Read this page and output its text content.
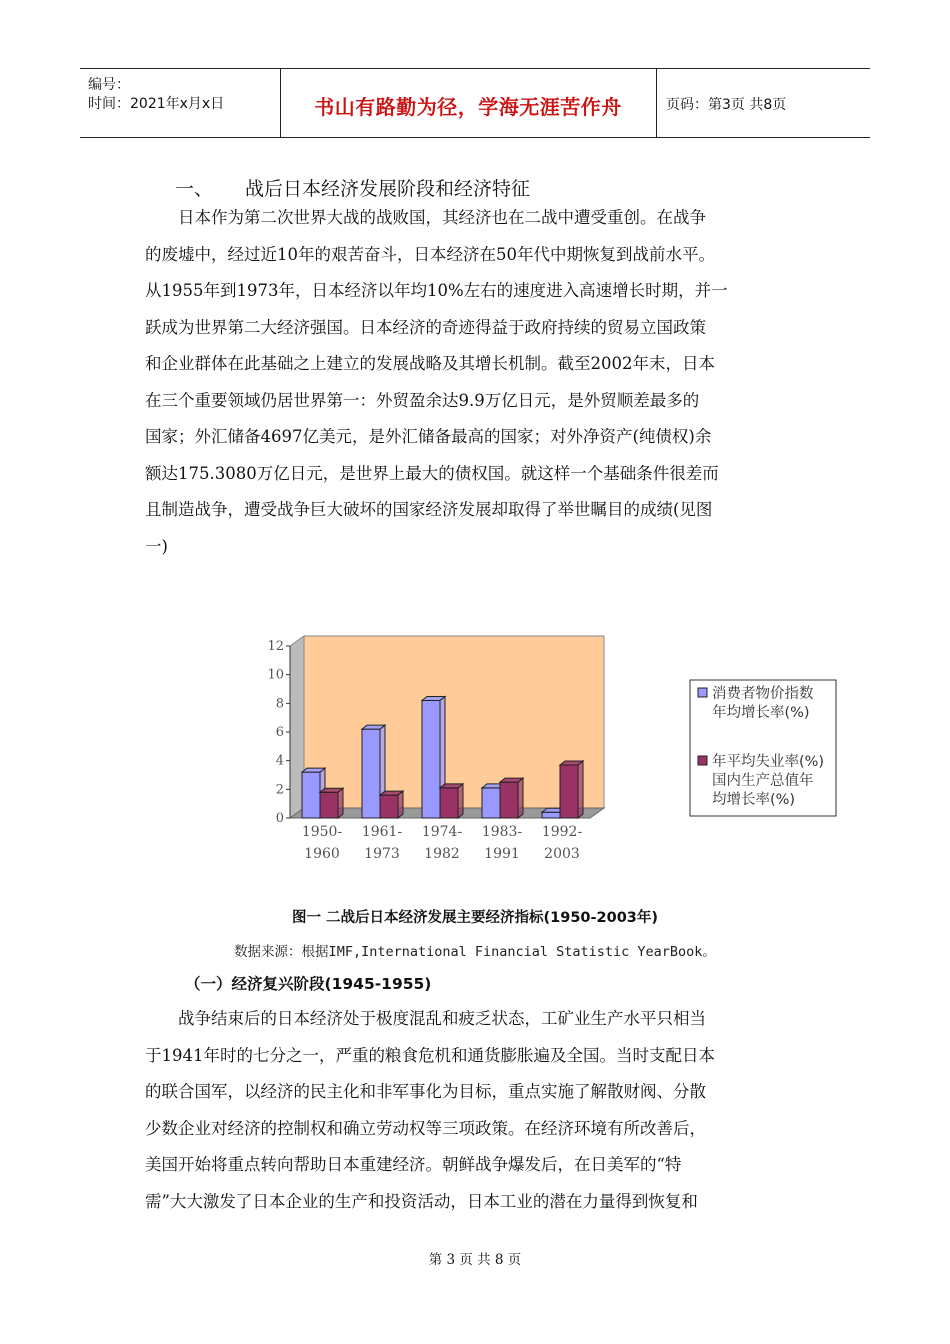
编号：
时间：2021年x月x日	书山有路勤为径，学海无涯苦作舟	页码：第3页 共8页
一、 战后日本经济发展阶段和经济特征
日本作为第二次世界大战的战败国，其经济也在二战中遭受重创。在战争
的废墟中，经过近10年的艰苦奋斗，日本经济在50年代中期恢复到战前水平。
从1955年到1973年，日本经济以年均10%左右的速度进入高速增长时期，并一
跃成为世界第二大经济强国。日本经济的奇迹得益于政府持续的贸易立国政策
和企业群体在此基础之上建立的发展战略及其增长机制。截至2002年末，日本
在三个重要领域仍居世界第一：外贸盈余达9.9万亿日元，是外贸顺差最多的
国家；外汇储备4697亿美元，是外汇储备最高的国家；对外净资产(纯债权)余
额达175.3080万亿日元，是世界上最大的债权国。就这样一个基础条件很差而
且制造战争，遭受战争巨大破坏的国家经济发展却取得了举世瞩目的成绩(见图
一)
0
2
4
6
8
10
12
1950-
1960
1961-
1973
1974-
1982
1983-
1991
1992-
2003
消费者物价指数
年均增长率(%)
年平均失业率(%)
国内生产总值年
均增长率(%)
图一 二战后日本经济发展主要经济指标(1950-2003年)
数据来源：根据IMF,International Financial Statistic YearBook。
（一）经济复兴阶段(1945-1955)
战争结束后的日本经济处于极度混乱和疲乏状态，工矿业生产水平只相当
于1941年时的七分之一，严重的粮食危机和通货膨胀遍及全国。当时支配日本
的联合国军，以经济的民主化和非军事化为目标，重点实施了解散财阀、分散
少数企业对经济的控制权和确立劳动权等三项政策。在经济环境有所改善后，
美国开始将重点转向帮助日本重建经济。朝鲜战争爆发后，在日美军的“特
需”大大激发了日本企业的生产和投资活动，日本工业的潜在力量得到恢复和
第 3 页 共 8 页
